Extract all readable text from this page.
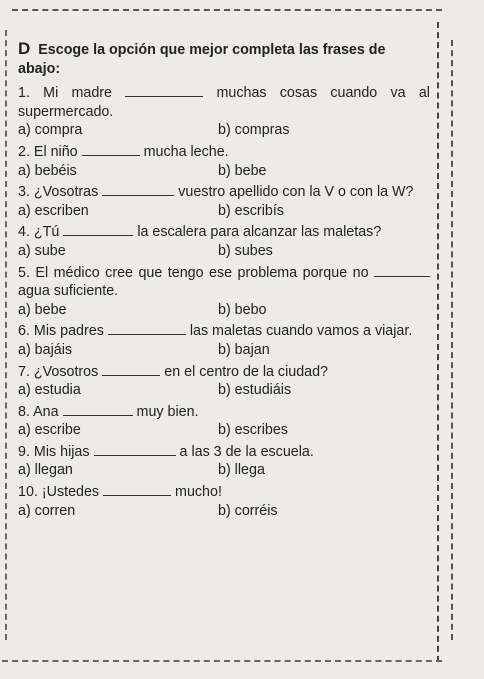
D Escoge la opción que mejor completa las frases de abajo:
1. Mi madre	muchas cosas cuando va al supermercado.
a) compra	b) compras
2. El niño	mucha leche.
a) bebéis	b) bebe
3. ¿Vosotras	vuestro apellido con la V o con la W?
a) escriben	b) escribís
4. ¿Tú	la escalera para alcanzar las maletas?
a) sube	b) subes
5. El médico cree que tengo ese problema porque no  agua suficiente.
a) bebe	b) bebo
6. Mis padres	las maletas cuando vamos a viajar.
a) bajáis	b) bajan
7. ¿Vosotros	en el centro de la ciudad?
a) estudia	b) estudiáis
8. Ana	muy bien.
a) escribe	b) escribes
9. Mis hijas	a las 3 de la escuela.
a) llegan	b) llega
10. ¡Ustedes	mucho!
a) corren	b) corréis
